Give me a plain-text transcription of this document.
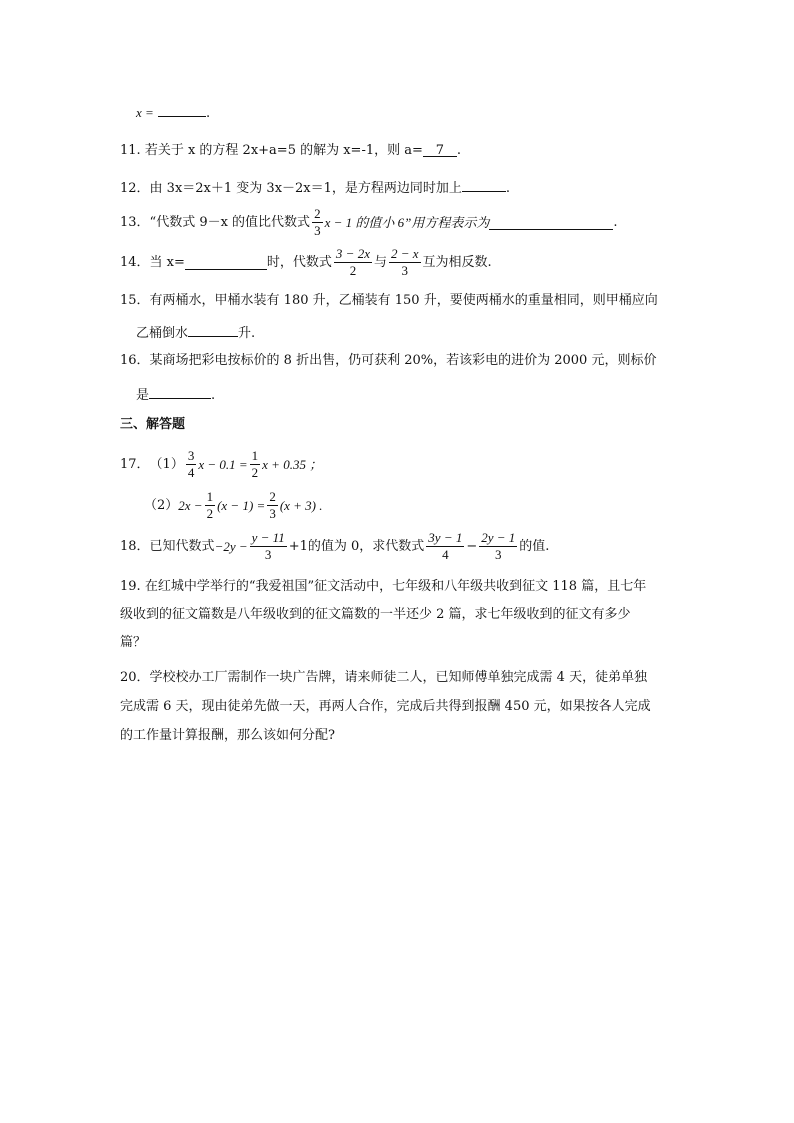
x =	.
11. 若关于 x 的方程 2x+a=5 的解为 x=-1，则 a= 7 .
12．由 3x＝2x＋1 变为 3x－2x＝1，是方程两边同时加上	.
13． “代数式 9－x 的值比代数式 $\frac{2}{3}$ x − 1 的值小 6”用方程表示为	.
14． 当 x=	时，代数式 $\frac{3 - 2x}{2}$ 与 $\frac{2 - x}{3}$ 互为相反数.
15．有两桶水，甲桶水装有 180 升，乙桶装有 150 升，要使两桶水的重量相同，则甲桶应向
乙桶倒水	升.
16．某商场把彩电按标价的 8 折出售，仍可获利 20%，若该彩电的进价为 2000 元，则标价
是	.
三、解答题
17． $(1) \frac{3}{4}$ $x - 0.1 = \frac{1}{2}$ x + 0.35 ；
（2） $2x - \frac{1}{2} (x - 1) = \frac{2}{3} (x + 3)$ .
18． 已知代数式 $-2y - \frac{y - 11}{3} +1$的值为 0，求代数式 $\frac{3y - 1}{4} - \frac{2y - 1}{3}$ 的值.
19. 在红城中学举行的“我爱祖国”征文活动中，七年级和八年级共收到征文 118 篇，且七年
级收到的征文篇数是八年级收到的征文篇数的一半还少 2 篇，求七年级收到的征文有多少
篇？
20．学校校办工厂需制作一块广告牌，请来师徒二人，已知师傅单独完成需 4 天，徒弟单独
完成需 6 天，现由徒弟先做一天，再两人合作，完成后共得到报酬 450 元，如果按各人完成
的工作量计算报酬，那么该如何分配?
